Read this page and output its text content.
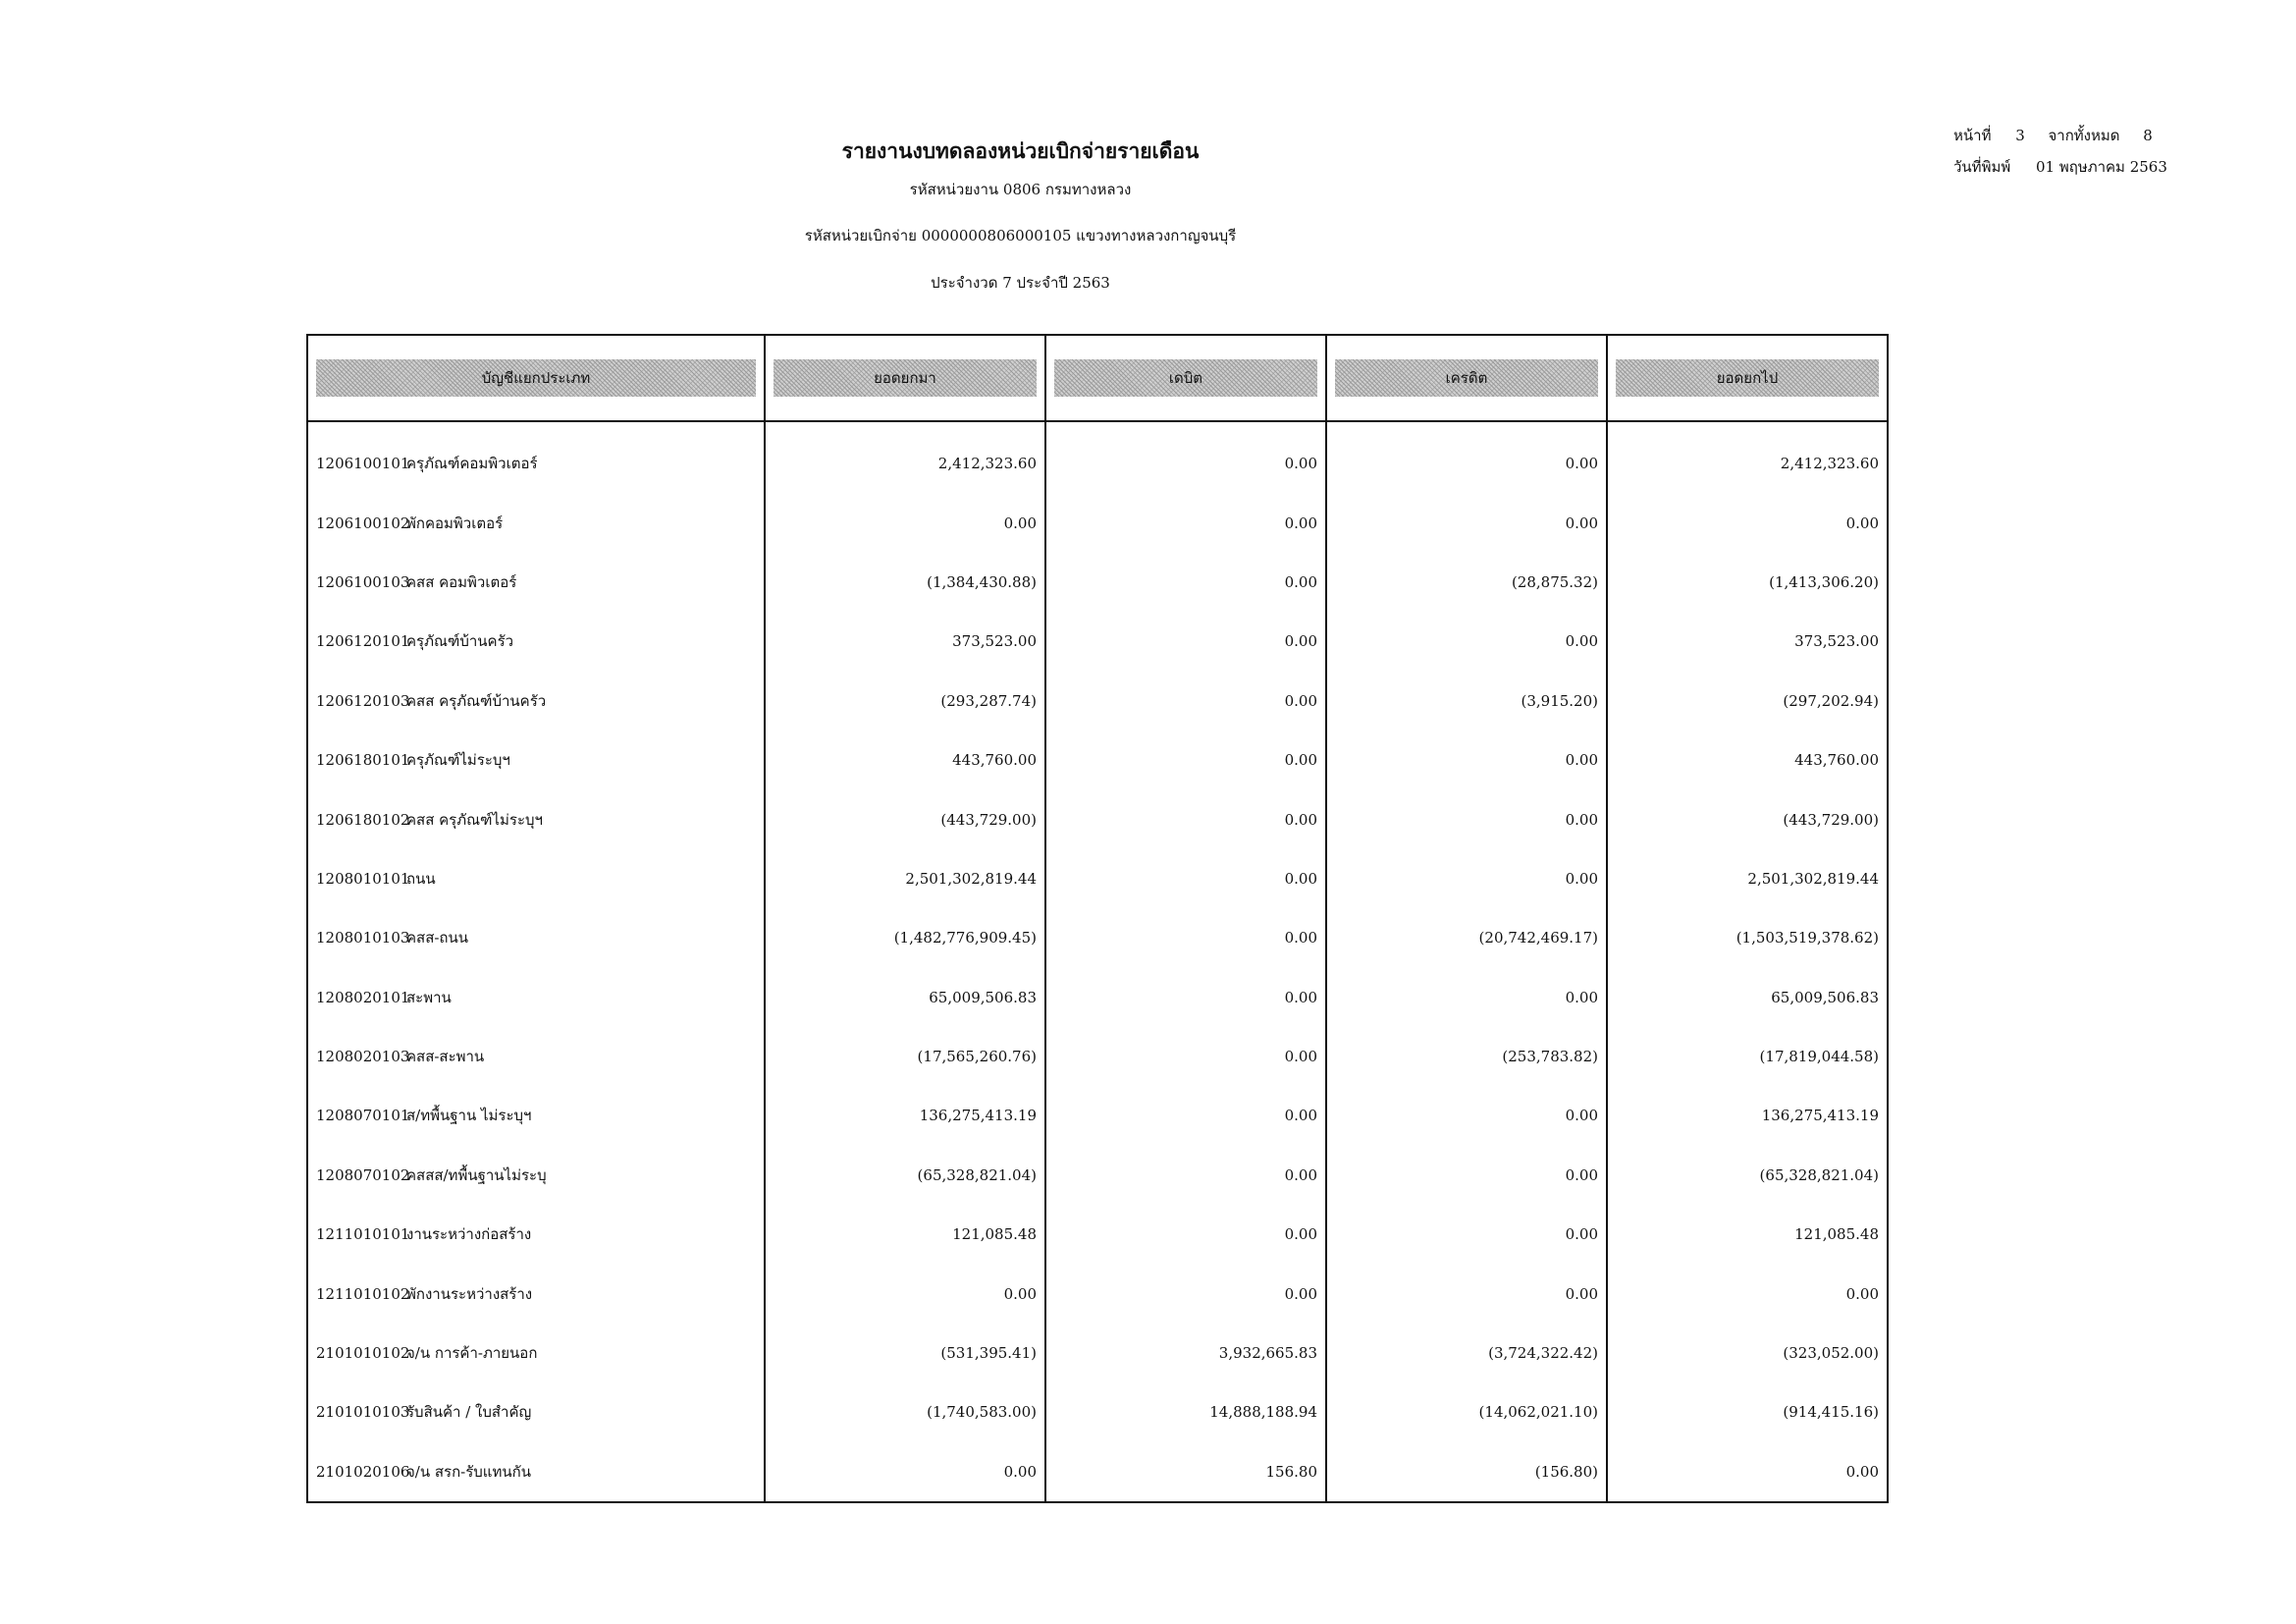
หน้าที่	3	จากทั้งหมด	8
วันที่พิมพ์	01 พฤษภาคม 2563
รายงานงบทดลองหน่วยเบิกจ่ายรายเดือน
รหัสหน่วยงาน 0806 กรมทางหลวง
รหัสหน่วยเบิกจ่าย 0000000806000105 แขวงทางหลวงกาญจนบุรี
ประจำงวด 7 ประจำปี 2563
บัญชีแยกประเภท	ยอดยกมา	เดบิต	เครดิต	ยอดยกไป

1206100101ครุภัณฑ์คอมพิวเตอร์	2,412,323.60	0.00	0.00	2,412,323.60
1206100102พักคอมพิวเตอร์	0.00	0.00	0.00	0.00
1206100103คสส คอมพิวเตอร์	(1,384,430.88)	0.00	(28,875.32)	(1,413,306.20)
1206120101ครุภัณฑ์บ้านครัว	373,523.00	0.00	0.00	373,523.00
1206120103คสส ครุภัณฑ์บ้านครัว	(293,287.74)	0.00	(3,915.20)	(297,202.94)
1206180101ครุภัณฑ์ไม่ระบุฯ	443,760.00	0.00	0.00	443,760.00
1206180102คสส ครุภัณฑ์ไม่ระบุฯ	(443,729.00)	0.00	0.00	(443,729.00)
1208010101ถนน	2,501,302,819.44	0.00	0.00	2,501,302,819.44
1208010103คสส-ถนน	(1,482,776,909.45)	0.00	(20,742,469.17)	(1,503,519,378.62)
1208020101สะพาน	65,009,506.83	0.00	0.00	65,009,506.83
1208020103คสส-สะพาน	(17,565,260.76)	0.00	(253,783.82)	(17,819,044.58)
1208070101ส/ทพื้นฐาน ไม่ระบุฯ	136,275,413.19	0.00	0.00	136,275,413.19
1208070102คสสส/ทพื้นฐานไม่ระบุ	(65,328,821.04)	0.00	0.00	(65,328,821.04)
1211010101งานระหว่างก่อสร้าง	121,085.48	0.00	0.00	121,085.48
1211010102พักงานระหว่างสร้าง	0.00	0.00	0.00	0.00
2101010102จ/น การค้า-ภายนอก	(531,395.41)	3,932,665.83	(3,724,322.42)	(323,052.00)
2101010103รับสินค้า / ใบสำคัญ	(1,740,583.00)	14,888,188.94	(14,062,021.10)	(914,415.16)
2101020106จ/น สรก-รับแทนกัน	0.00	156.80	(156.80)	0.00
